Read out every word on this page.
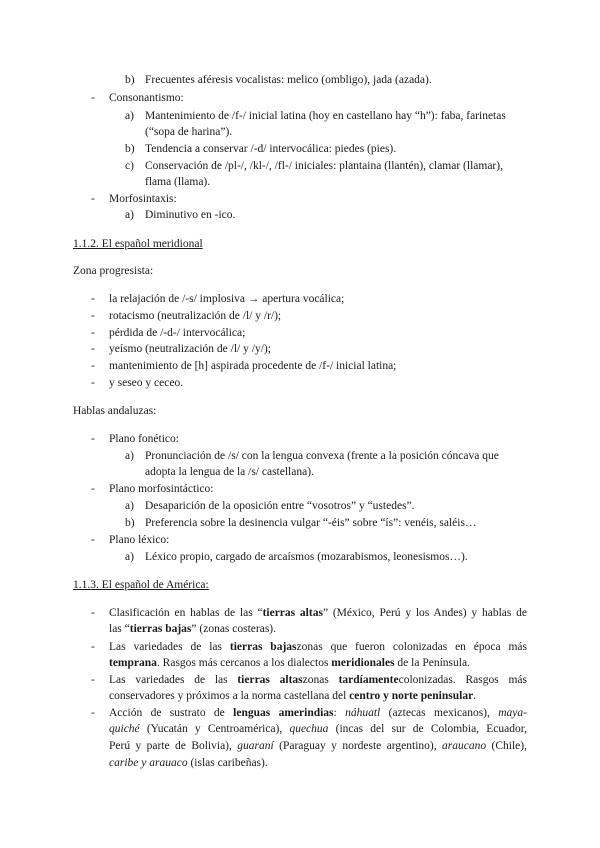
b) Frecuentes aféresis vocalistas: melico (ombligo), jada (azada).
- Consonantismo:
a) Mantenimiento de /f-/ inicial latina (hoy en castellano hay “h”): faba, farinetas
(“sopa de harina”).
b) Tendencia a conservar /-d/ intervocálica: piedes (pies).
c) Conservación de /pl-/, /kl-/, /fl-/ iniciales: plantaina (llantén), clamar (llamar),
flama (llama).
- Morfosintaxis:
a) Diminutivo en -ico.
1.1.2. El español meridional
Zona progresista:
- la relajación de /-s/ implosiva → apertura vocálica;
- rotacismo (neutralización de /l/ y /r/);
- pérdida de /-d-/ intervocálica;
- yeísmo (neutralización de /l/ y /y/);
- mantenimiento de [h] aspirada procedente de /f-/ inicial latina;
- y seseo y ceceo.
Hablas andaluzas:
- Plano fonético:
a) Pronunciación de /s/ con la lengua convexa (frente a la posición cóncava que
adopta la lengua de la /s/ castellana).
- Plano morfosintáctico:
a) Desaparición de la oposición entre “vosotros” y “ustedes”.
b) Preferencia sobre la desinencia vulgar “-éis” sobre “ís”: venéis, saléis…
- Plano léxico:
a) Léxico propio, cargado de arcaísmos (mozarabismos, leonesismos…).
1.1.3. El español de América:
- Clasificación en hablas de las “tierras altas” (México, Perú y los Andes) y hablas de
las “tierras bajas” (zonas costeras).
- Las variedades de las tierras bajaszonas que fueron colonizadas en época más
temprana. Rasgos más cercanos a los dialectos meridionales de la Península.
- Las variedades de las tierras altaszonas tardíamentecolonizadas. Rasgos más
conservadores y próximos a la norma castellana del centro y norte peninsular.
- Acción de sustrato de lenguas amerindias: náhuatl (aztecas mexicanos), maya-
quiché (Yucatán y Centroamérica), quechua (incas del sur de Colombia, Ecuador,
Perú y parte de Bolivia), guaraní (Paraguay y nordeste argentino), araucano (Chile),
caribe y arauaco (islas caribeñas).
